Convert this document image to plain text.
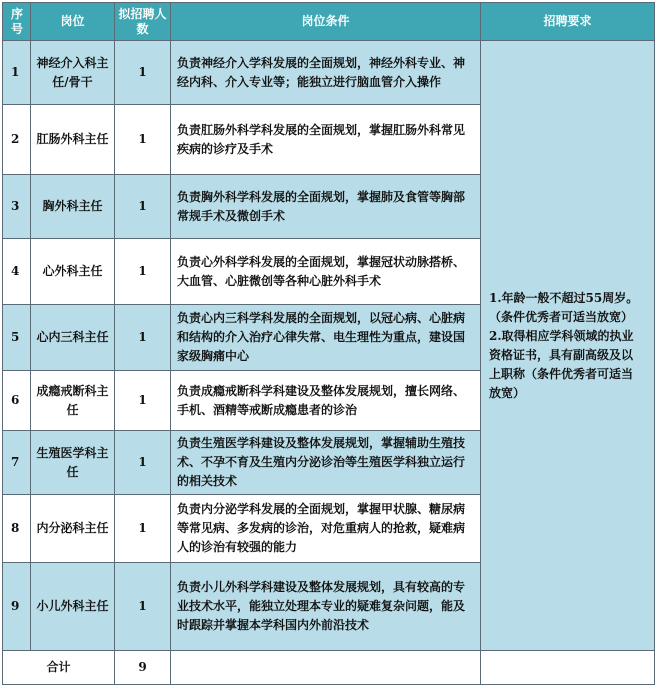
序号	岗位	拟招聘人数	岗位条件	招聘要求
1	神经介入科主任/骨干	1	负责神经介入学科发展的全面规划，神经外科专业、神经内科、介入专业等；能独立进行脑血管介入操作	1.年龄一般不超过55周岁。（条件优秀者可适当放宽）
2.取得相应学科领域的执业资格证书，具有副高级及以上职称（条件优秀者可适当放宽）
2	肛肠外科主任	1	负责肛肠外科学科发展的全面规划，掌握肛肠外科常见疾病的诊疗及手术	
3	胸外科主任	1	负责胸外科学科发展的全面规划，掌握肺及食管等胸部常规手术及微创手术	
4	心外科主任	1	负责心外科学科发展的全面规划，掌握冠状动脉搭桥、大血管、心脏微创等各种心脏外科手术	
5	心内三科主任	1	负责心内三科学科发展的全面规划，以冠心病、心脏病和结构的介入治疗心律失常、电生理性为重点，建设国家级胸痛中心	
6	成瘾戒断科主任	1	负责成瘾戒断科学科建设及整体发展规划，擅长网络、手机、酒精等戒断成瘾患者的诊治	
7	生殖医学科主任	1	负责生殖医学科建设及整体发展规划，掌握辅助生殖技术、不孕不育及生殖内分泌诊治等生殖医学科独立运行的相关技术	
8	内分泌科主任	1	负责内分泌学科发展的全面规划，掌握甲状腺、糖尿病等常见病、多发病的诊治，对危重病人的抢救，疑难病人的诊治有较强的能力	
9	小儿外科主任	1	负责小儿外科学科建设及整体发展规划，具有较高的专业技术水平，能独立处理本专业的疑难复杂问题，能及时跟踪并掌握本学科国内外前沿技术	
合计		9		
